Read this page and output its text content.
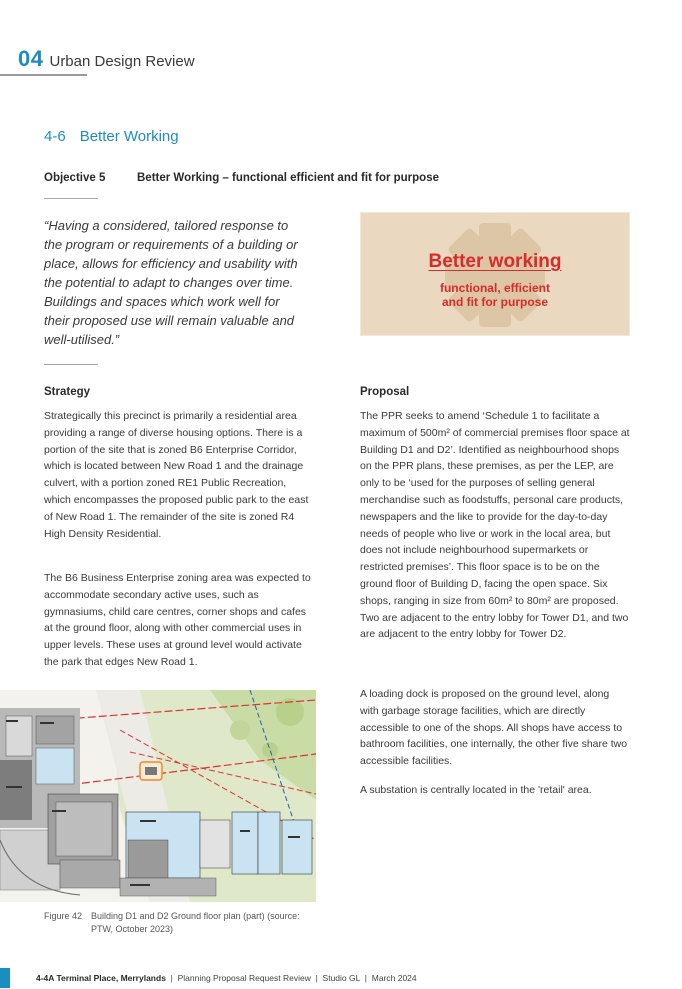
04 Urban Design Review
4-6 Better Working
Objective 5	Better Working – functional efficient and fit for purpose
“Having a considered, tailored response to the program or requirements of a building or place, allows for efficiency and usability with the potential to adapt to changes over time. Buildings and spaces which work well for their proposed use will remain valuable and well-utilised.”
Better working
functional, efficient
and fit for purpose
Strategy
Strategically this precinct is primarily a residential area providing a range of diverse housing options. There is a portion of the site that is zoned B6 Enterprise Corridor, which is located between New Road 1 and the drainage culvert, with a portion zoned RE1 Public Recreation, which encompasses the proposed public park to the east of New Road 1. The remainder of the site is zoned R4 High Density Residential.
The B6 Business Enterprise zoning area was expected to accommodate secondary active uses, such as gymnasiums, child care centres, corner shops and cafes at the ground floor, along with other commercial uses in upper levels. These uses at ground level would activate the park that edges New Road 1.
Proposal
The PPR seeks to amend ‘Schedule 1 to facilitate a maximum of 500m² of commercial premises floor space at Building D1 and D2’. Identified as neighbourhood shops on the PPR plans, these premises, as per the LEP, are only to be ‘used for the purposes of selling general merchandise such as foodstuffs, personal care products, newspapers and the like to provide for the day-to-day needs of people who live or work in the local area, but does not include neighbourhood supermarkets or restricted premises’. This floor space is to be on the ground floor of Building D, facing the open space. Six shops, ranging in size from 60m² to 80m² are proposed. Two are adjacent to the entry lobby for Tower D1, and two are adjacent to the entry lobby for Tower D2.
A loading dock is proposed on the ground level, along with garbage storage facilities, which are directly accessible to one of the shops. All shops have access to bathroom facilities, one internally, the other five share two accessible facilities.
A substation is centrally located in the 'retail' area.
Figure 42 Building D1 and D2 Ground floor plan (part) (source:
PTW, October 2023)
4-4A Terminal Place, Merrylands | Planning Proposal Request Review | Studio GL | March 2024
